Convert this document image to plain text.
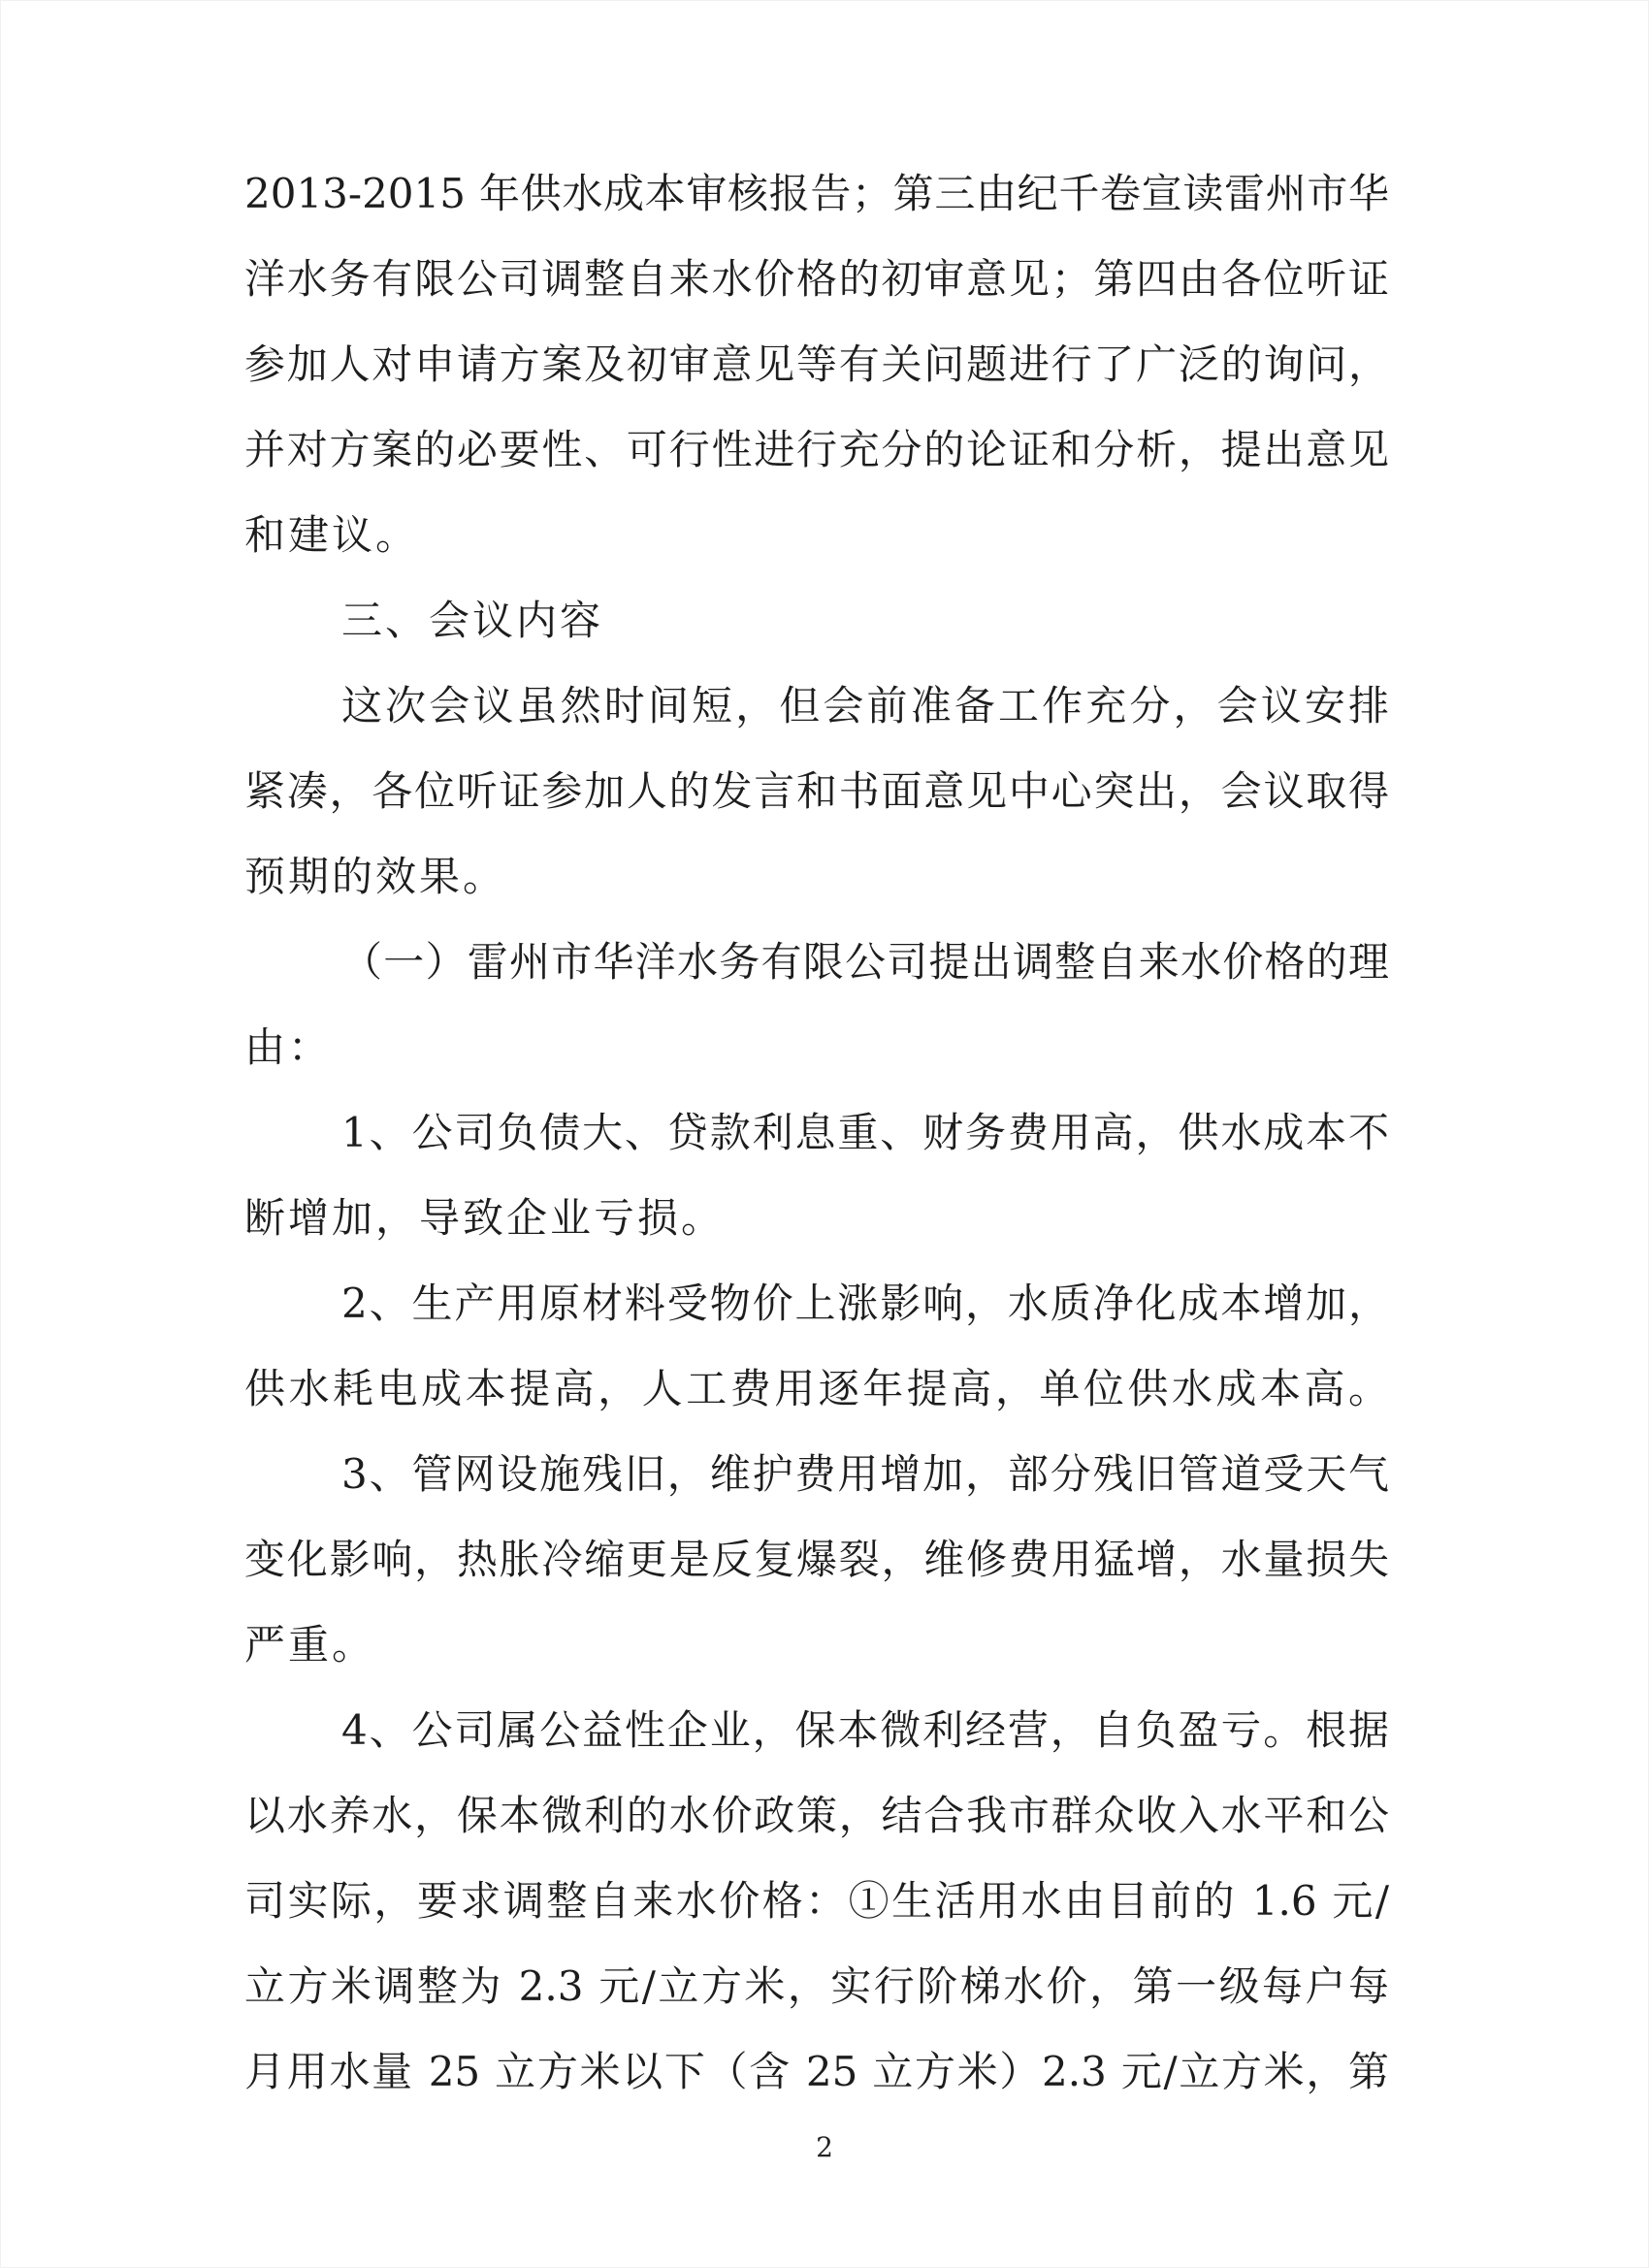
2013-2015 年供水成本审核报告；第三由纪千卷宣读雷州市华
洋水务有限公司调整自来水价格的初审意见；第四由各位听证
参加人对申请方案及初审意见等有关问题进行了广泛的询问，
并对方案的必要性、可行性进行充分的论证和分析，提出意见
和建议。
三、会议内容
这次会议虽然时间短，但会前准备工作充分，会议安排
紧凑，各位听证参加人的发言和书面意见中心突出，会议取得
预期的效果。
（一）雷州市华洋水务有限公司提出调整自来水价格的理
由：
1、公司负债大、贷款利息重、财务费用高，供水成本不
断增加，导致企业亏损。
2、生产用原材料受物价上涨影响，水质净化成本增加，
供水耗电成本提高，人工费用逐年提高，单位供水成本高。
3、管网设施残旧，维护费用增加，部分残旧管道受天气
变化影响，热胀冷缩更是反复爆裂，维修费用猛增，水量损失
严重。
4、公司属公益性企业，保本微利经营，自负盈亏。根据
以水养水，保本微利的水价政策，结合我市群众收入水平和公
司实际，要求调整自来水价格：①生活用水由目前的 1.6 元/
立方米调整为 2.3 元/立方米，实行阶梯水价，第一级每户每
月用水量 25 立方米以下（含 25 立方米）2.3 元/立方米，第
2
